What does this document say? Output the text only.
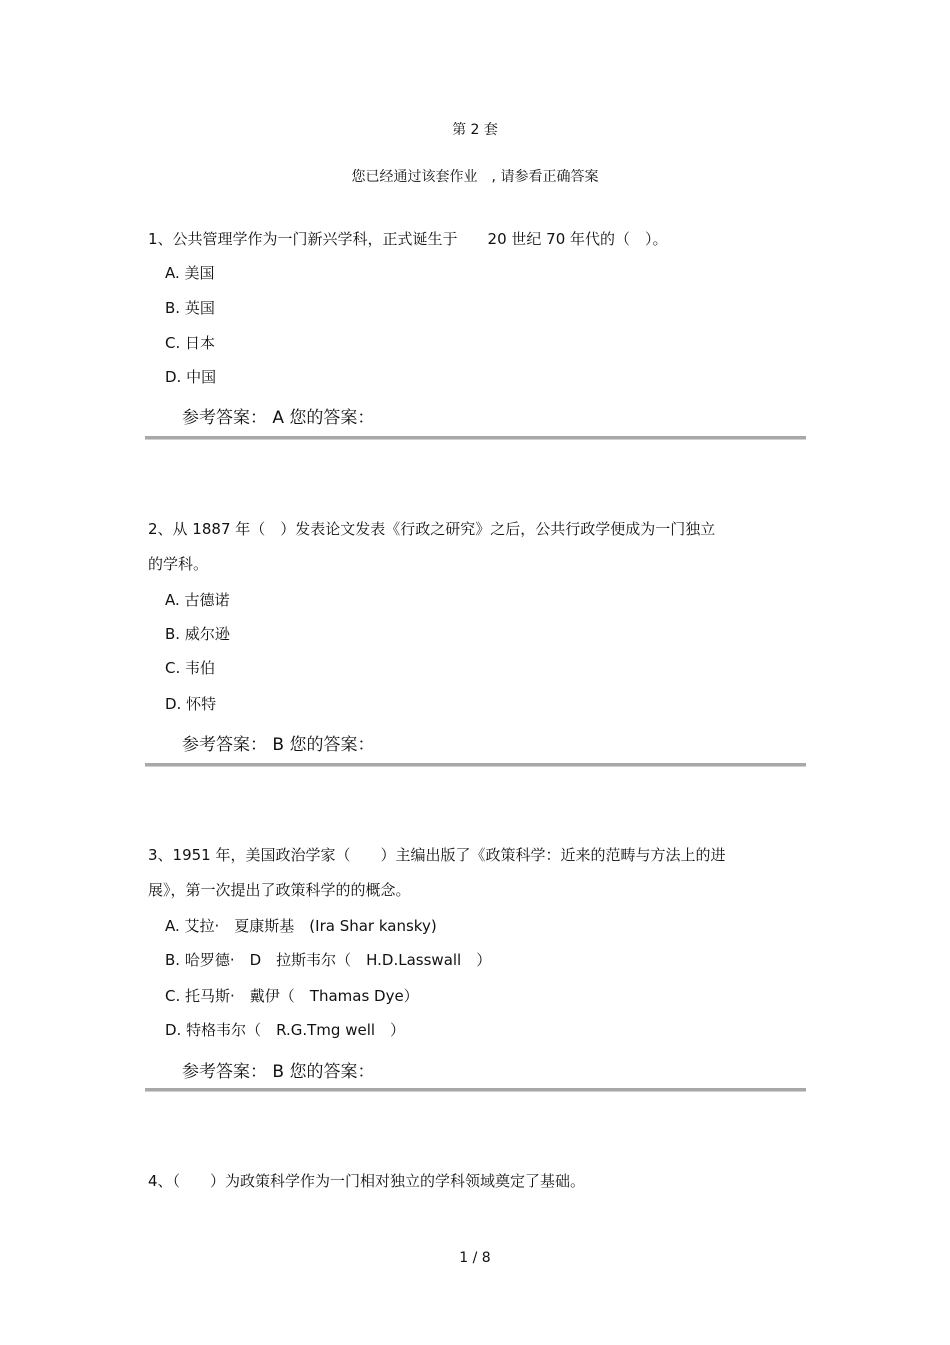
第 2 套
您已经通过该套作业　, 请参看正确答案
1、公共管理学作为一门新兴学科，正式诞生于　　20 世纪 70 年代的（　）。
A. 美国
B. 英国
C. 日本
D. 中国
参考答案： A 您的答案：
2、从 1887 年（　）发表论文发表《行政之研究》之后，公共行政学便成为一门独立
的学科。
A. 古德诺
B. 威尔逊
C. 韦伯
D. 怀特
参考答案： B 您的答案：
3、1951 年，美国政治学家（　　）主编出版了《政策科学：近来的范畴与方法上的进
展》，第一次提出了政策科学的的概念。
A. 艾拉·　夏康斯基　(Ira Shar kansky)
B. 哈罗德·　D　拉斯韦尔（　H.D.Lasswall　）
C. 托马斯·　戴伊（　Thamas Dye）
D. 特格韦尔（　R.G.Tmg well　）
参考答案： B 您的答案：
4、（　　）为政策科学作为一门相对独立的学科领域奠定了基础。
1 / 8
